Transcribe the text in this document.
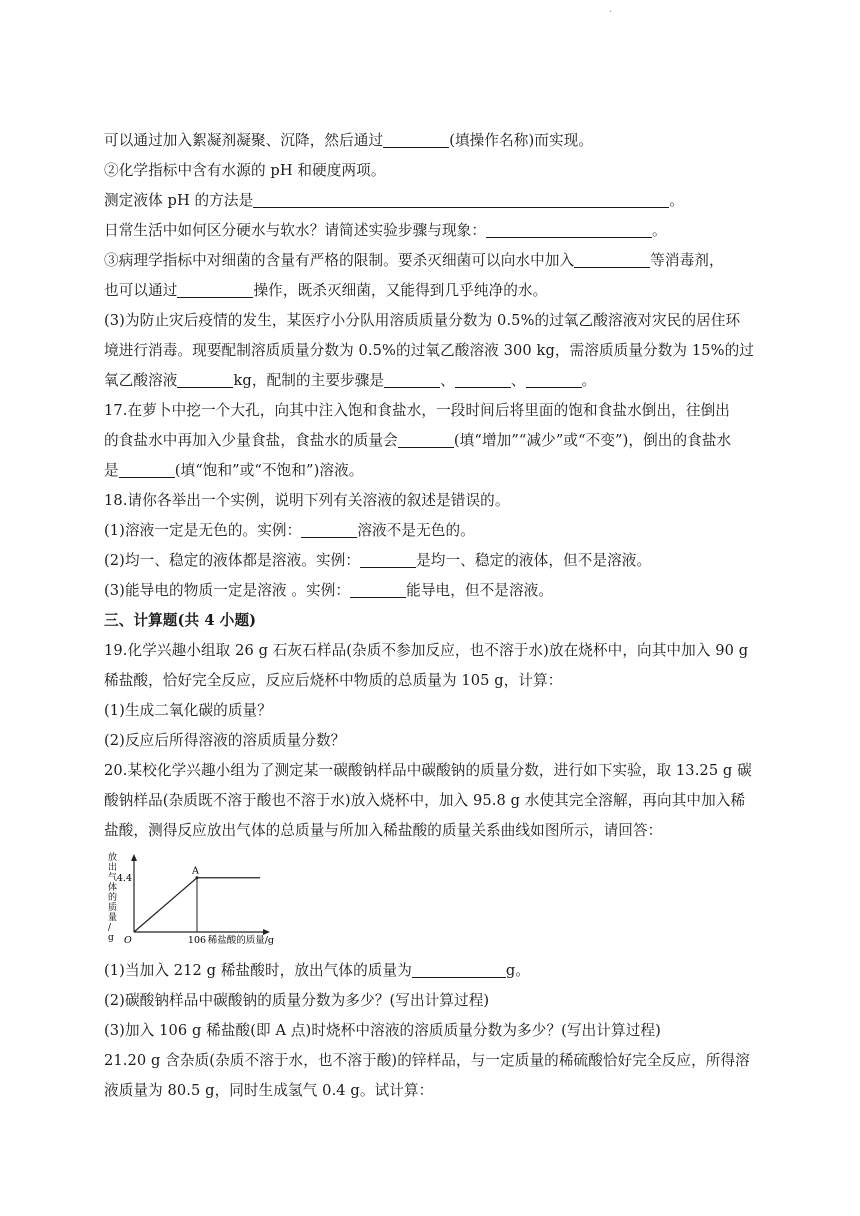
.
可以通过加入絮凝剂凝聚、沉降，然后通过	(填操作名称)而实现。
②化学指标中含有水源的 pH 和硬度两项。
测定液体 pH 的方法是	。
日常生活中如何区分硬水与软水？请简述实验步骤与现象：	。
③病理学指标中对细菌的含量有严格的限制。要杀灭细菌可以向水中加入	等消毒剂，
也可以通过	操作，既杀灭细菌，又能得到几乎纯净的水。
(3)为防止灾后疫情的发生，某医疗小分队用溶质质量分数为 0.5%的过氧乙酸溶液对灾民的居住环
境进行消毒。现要配制溶质质量分数为 0.5%的过氧乙酸溶液 300 kg，需溶质质量分数为 15%的过
氧乙酸溶液	kg，配制的主要步骤是	、	、	。
17.在萝卜中挖一个大孔，向其中注入饱和食盐水，一段时间后将里面的饱和食盐水倒出，往倒出
的食盐水中再加入少量食盐，食盐水的质量会	(填“增加”“减少”或“不变”)，倒出的食盐水
是	(填“饱和”或“不饱和”)溶液。
18.请你各举出一个实例，说明下列有关溶液的叙述是错误的。
(1)溶液一定是无色的。实例：	溶液不是无色的。
(2)均一、稳定的液体都是溶液。实例：	是均一、稳定的液体，但不是溶液。
(3)能导电的物质一定是溶液 。实例：	能导电，但不是溶液。
三、计算题(共 4 小题)
19.化学兴趣小组取 26 g 石灰石样品(杂质不参加反应，也不溶于水)放在烧杯中，向其中加入 90 g
稀盐酸，恰好完全反应，反应后烧杯中物质的总质量为 105 g，计算：
(1)生成二氧化碳的质量？
(2)反应后所得溶液的溶质质量分数？
20.某校化学兴趣小组为了测定某一碳酸钠样品中碳酸钠的质量分数，进行如下实验，取 13.25 g 碳
酸钠样品(杂质既不溶于酸也不溶于水)放入烧杯中，加入 95.8 g 水使其完全溶解，再向其中加入稀
盐酸，测得反应放出气体的总质量与所加入稀盐酸的质量关系曲线如图所示，请回答：
4.4
A
O	106 稀盐酸的质量/g
放出气体的质量/ g
(1)当加入 212 g 稀盐酸时，放出气体的质量为	g。
(2)碳酸钠样品中碳酸钠的质量分数为多少？(写出计算过程)
(3)加入 106 g 稀盐酸(即 A 点)时烧杯中溶液的溶质质量分数为多少？(写出计算过程)
21.20 g 含杂质(杂质不溶于水，也不溶于酸)的锌样品，与一定质量的稀硫酸恰好完全反应，所得溶
液质量为 80.5 g，同时生成氢气 0.4 g。试计算：
